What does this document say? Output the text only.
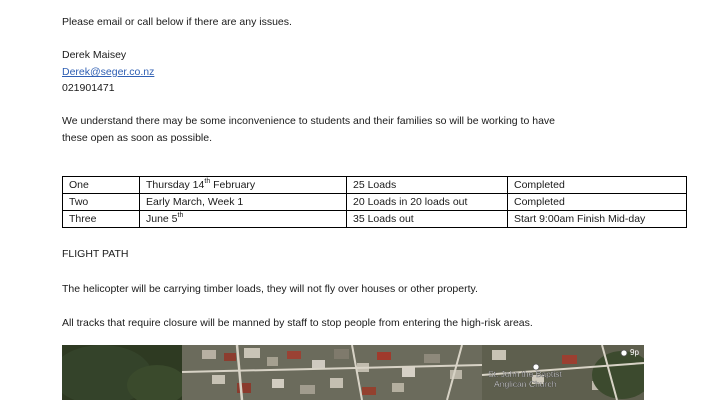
Please email or call below if there are any issues.
Derek Maisey
Derek@seger.co.nz
021901471
We understand there may be some inconvenience to students and their families so will be working to have
these open as soon as possible.
One	Thursday 14th February	25 Loads	Completed
Two	Early March, Week 1	20 Loads in 20 loads out	Completed
Three	June 5th	35 Loads out	Start 9:00am Finish Mid-day
FLIGHT PATH
The helicopter will be carrying timber loads, they will not fly over houses or other property.
All tracks that require closure will be manned by staff to stop people from entering the high-risk areas.
St. John the Baptist
Anglican Church
9p
